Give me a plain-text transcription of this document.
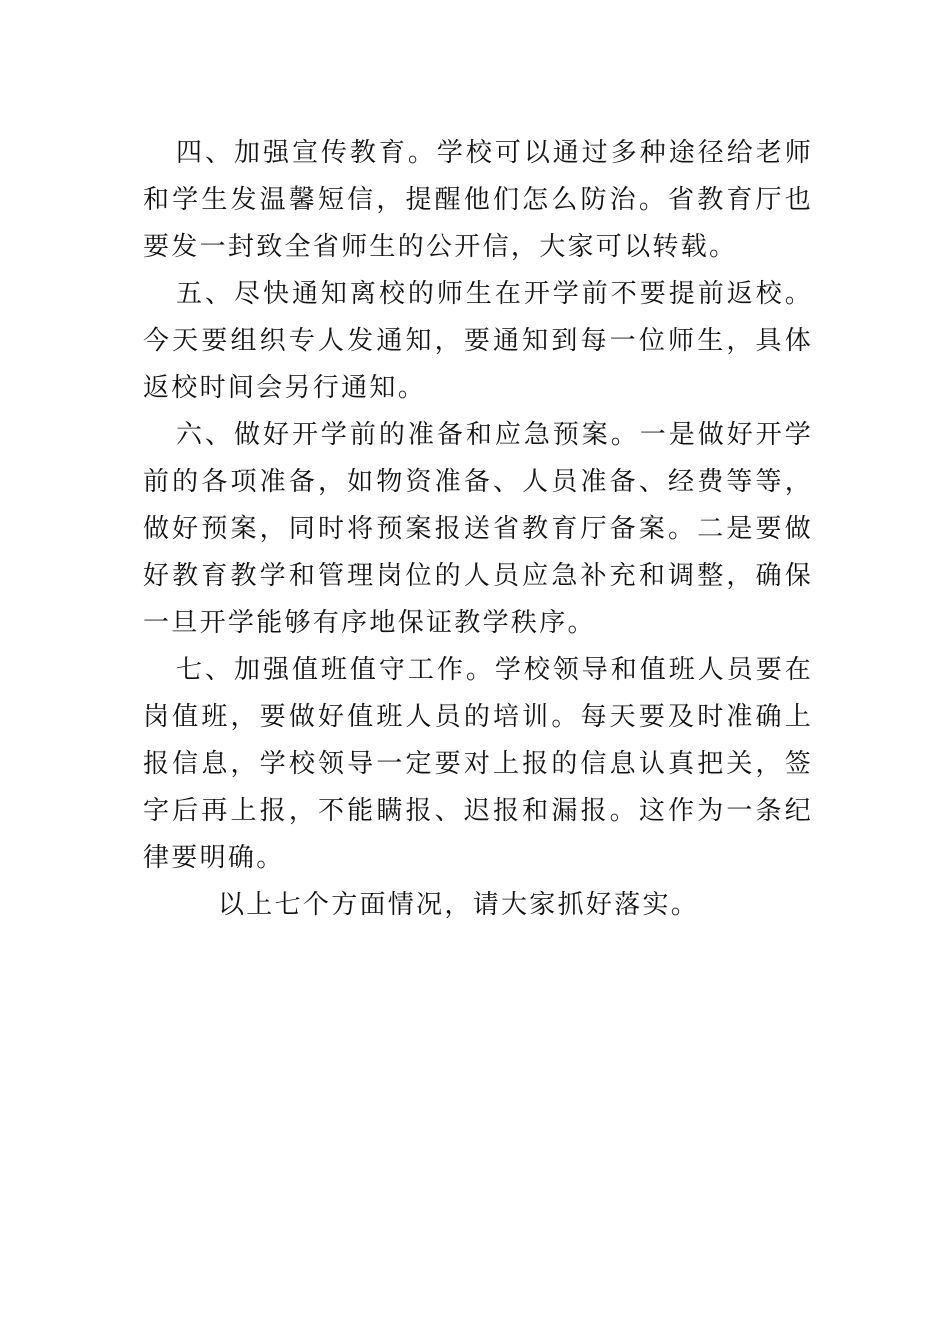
四、加强宣传教育。学校可以通过多种途径给老师和学生发温馨短信，提醒他们怎么防治。省教育厅也要发一封致全省师生的公开信，大家可以转载。

五、尽快通知离校的师生在开学前不要提前返校。今天要组织专人发通知，要通知到每一位师生，具体返校时间会另行通知。

六、做好开学前的准备和应急预案。一是做好开学前的各项准备，如物资准备、人员准备、经费等等，做好预案，同时将预案报送省教育厅备案。二是要做好教育教学和管理岗位的人员应急补充和调整，确保一旦开学能够有序地保证教学秩序。

七、加强值班值守工作。学校领导和值班人员要在岗值班，要做好值班人员的培训。每天要及时准确上报信息，学校领导一定要对上报的信息认真把关，签字后再上报，不能瞒报、迟报和漏报。这作为一条纪律要明确。

以上七个方面情况，请大家抓好落实。
